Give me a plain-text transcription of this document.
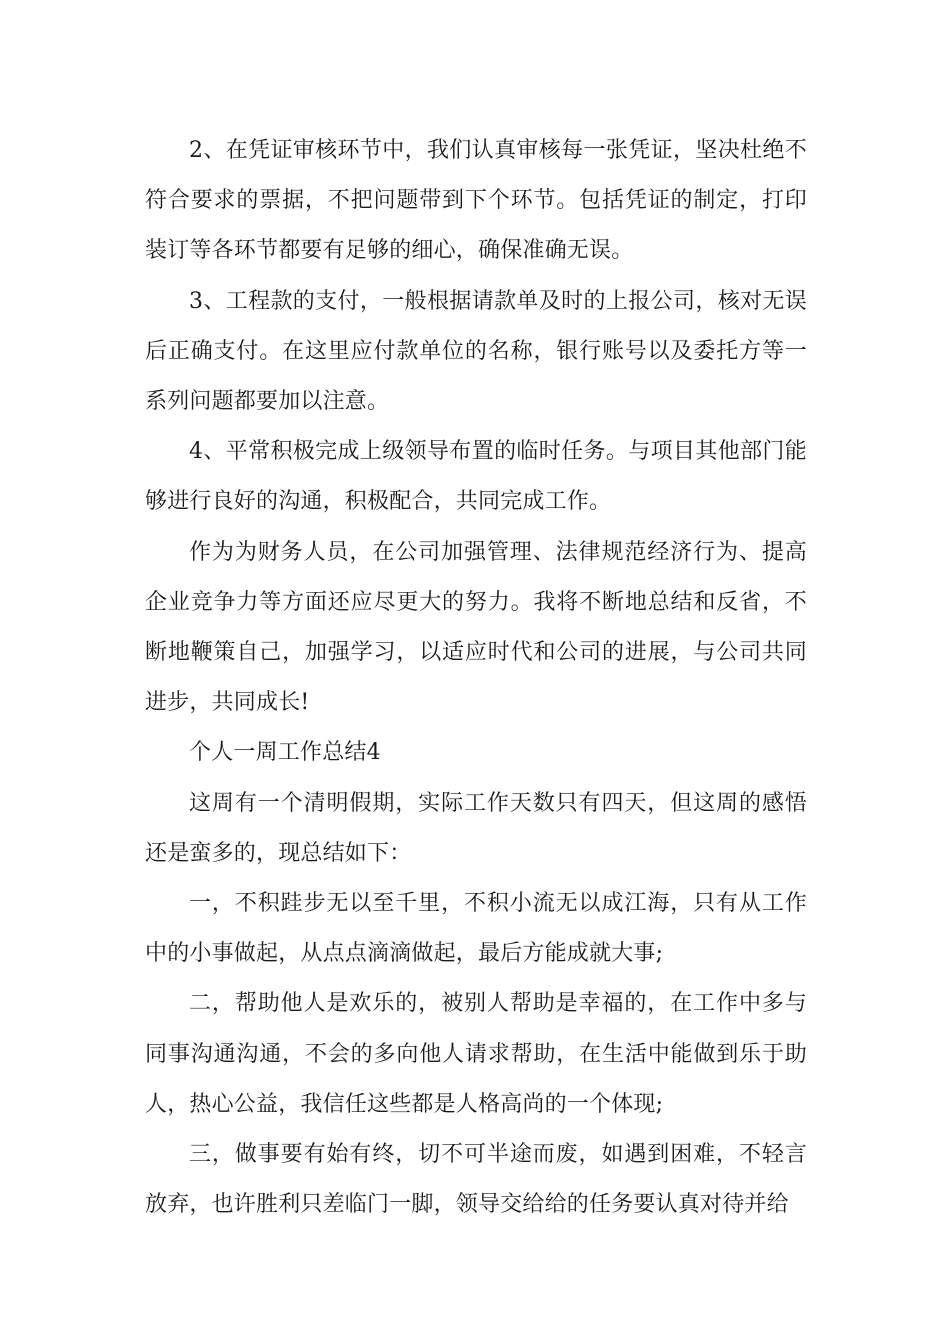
2、在凭证审核环节中，我们认真审核每一张凭证，坚决杜绝不符合要求的票据，不把问题带到下个环节。包括凭证的制定，打印装订等各环节都要有足够的细心，确保准确无误。

3、工程款的支付，一般根据请款单及时的上报公司，核对无误后正确支付。在这里应付款单位的名称，银行账号以及委托方等一系列问题都要加以注意。

4、平常积极完成上级领导布置的临时任务。与项目其他部门能够进行良好的沟通，积极配合，共同完成工作。

作为为财务人员，在公司加强管理、法律规范经济行为、提高企业竞争力等方面还应尽更大的努力。我将不断地总结和反省，不断地鞭策自己，加强学习，以适应时代和公司的进展，与公司共同进步，共同成长!

个人一周工作总结4

这周有一个清明假期，实际工作天数只有四天，但这周的感悟还是蛮多的，现总结如下：

一，不积跬步无以至千里，不积小流无以成江海，只有从工作中的小事做起，从点点滴滴做起，最后方能成就大事;

二，帮助他人是欢乐的，被别人帮助是幸福的，在工作中多与同事沟通沟通，不会的多向他人请求帮助，在生活中能做到乐于助人，热心公益，我信任这些都是人格高尚的一个体现;

三，做事要有始有终，切不可半途而废，如遇到困难，不轻言放弃，也许胜利只差临门一脚，领导交给给的任务要认真对待并给
